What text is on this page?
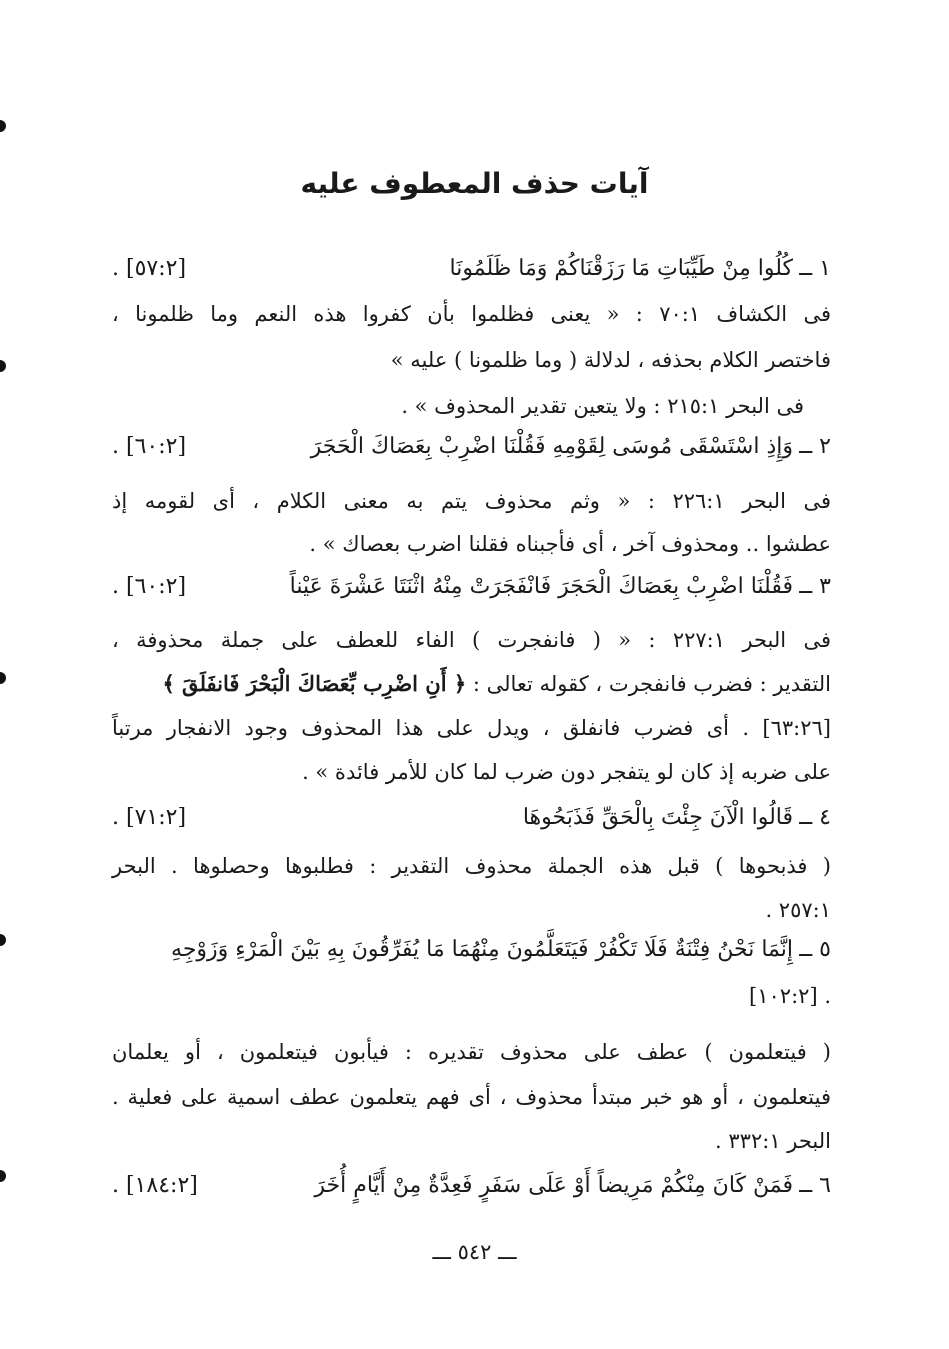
آيات حذف المعطوف عليه
١ ــ
كُلُوا مِنْ طَيِّبَاتِ مَا رَزَقْنَاكُمْ وَمَا ظَلَمُونَا
. [٥٧:٢]
فى الكشاف ٧٠:١ : « يعنى فظلموا بأن كفروا هذه النعم وما ظلمونا ،
فاختصر الكلام بحذفه ، لدلالة ( وما ظلمونا ) عليه »
فى البحر ٢١٥:١ : ولا يتعين تقدير المحذوف » .
٢ ــ
وَإِذِ اسْتَسْقَى مُوسَى لِقَوْمِهِ فَقُلْنَا اضْرِبْ بِعَصَاكَ الْحَجَرَ
. [٦٠:٢]
فى البحر ٢٢٦:١ : « وثم محذوف يتم به معنى الكلام ، أى لقومه إذ
عطشوا .. ومحذوف آخر ، أى فأجبناه فقلنا اضرب بعصاك » .
٣ ــ
فَقُلْنَا اضْرِبْ بِعَصَاكَ الْحَجَرَ فَانْفَجَرَتْ مِنْهُ اثْنَتَا عَشْرَةَ عَيْناً
. [٦٠:٢]
فى البحر ٢٢٧:١ : « ( فانفجرت ) الفاء للعطف على جملة محذوفة ،
التقدير : فضرب فانفجرت ، كقوله تعالى : ﴿ أَنِ اضْرِب بِّعَصَاكَ الْبَحْرَ فَانفَلَقَ ﴾
[٦٣:٢٦] . أى فضرب فانفلق ، ويدل على هذا المحذوف وجود الانفجار مرتباً
على ضربه إذ كان لو يتفجر دون ضرب لما كان للأمر فائدة » .
٤ ــ
قَالُوا الْآنَ جِئْتَ بِالْحَقِّ فَذَبَحُوهَا
. [٧١:٢]
( فذبحوها ) قبل هذه الجملة محذوف التقدير : فطلبوها وحصلوها . البحر
٢٥٧:١ .
٥ ــ
إِنَّمَا نَحْنُ فِتْنَةٌ فَلَا تَكْفُرْ فَيَتَعَلَّمُونَ مِنْهُمَا مَا يُفَرِّقُونَ بِهِ بَيْنَ الْمَرْءِ وَزَوْجِهِ
. [١٠٢:٢]
( فيتعلمون ) عطف على محذوف تقديره : فيأبون فيتعلمون ، أو يعلمان
فيتعلمون ، أو هو خبر مبتدأ محذوف ، أى فهم يتعلمون عطف اسمية على فعلية .
البحر ٣٣٢:١ .
٦ ــ
فَمَنْ كَانَ مِنْكُمْ مَرِيضاً أَوْ عَلَى سَفَرٍ فَعِدَّةٌ مِنْ أَيَّامٍ أُخَرَ
. [١٨٤:٢]
ـــ ٥٤٢ ـــ
